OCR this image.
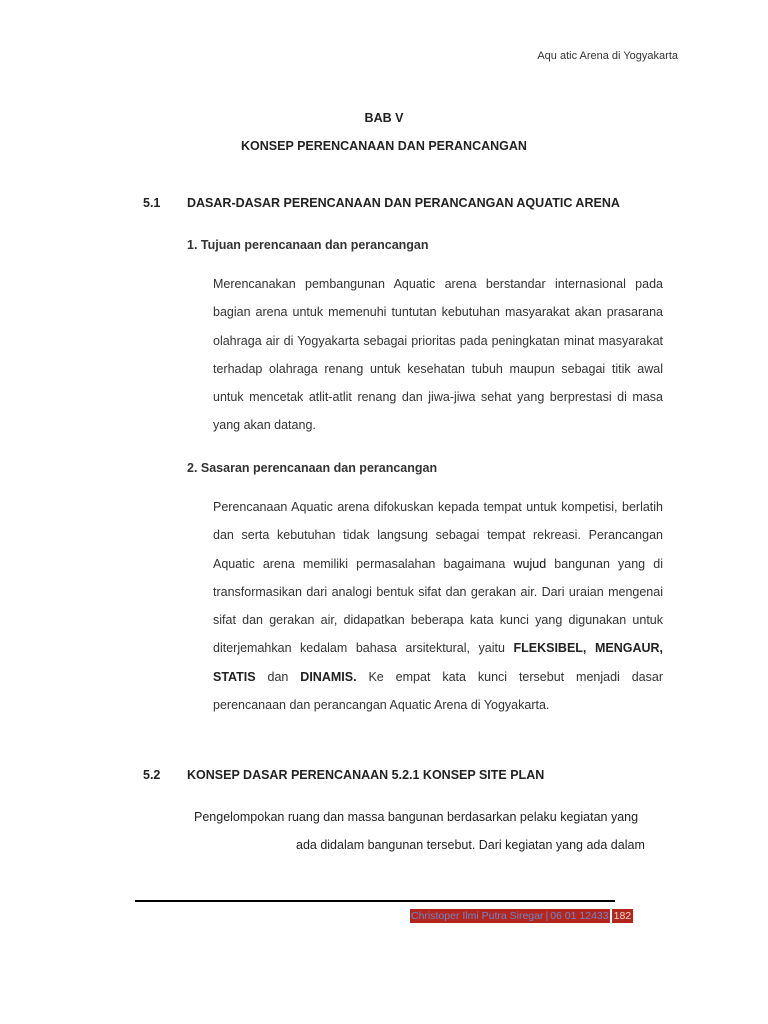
Aqu atic Arena di Yogyakarta
BAB V
KONSEP PERENCANAAN DAN PERANCANGAN
5.1 DASAR-DASAR PERENCANAAN DAN PERANCANGAN AQUATIC ARENA
1. Tujuan perencanaan dan perancangan
Merencanakan pembangunan Aquatic arena berstandar internasional pada bagian arena untuk memenuhi tuntutan kebutuhan masyarakat akan prasarana olahraga air di Yogyakarta sebagai prioritas pada peningkatan minat masyarakat terhadap olahraga renang untuk kesehatan tubuh maupun sebagai titik awal untuk mencetak atlit-atlit renang dan jiwa-jiwa sehat yang berprestasi di masa yang akan datang.
2. Sasaran perencanaan dan perancangan
Perencanaan Aquatic arena difokuskan kepada tempat untuk kompetisi, berlatih dan serta kebutuhan tidak langsung sebagai tempat rekreasi. Perancangan Aquatic arena memiliki permasalahan bagaimana wujud bangunan yang di transformasikan dari analogi bentuk sifat dan gerakan air. Dari uraian mengenai sifat dan gerakan air, didapatkan beberapa kata kunci yang digunakan untuk diterjemahkan kedalam bahasa arsitektural, yaitu FLEKSIBEL, MENGAUR, STATIS dan DINAMIS. Ke empat kata kunci tersebut menjadi dasar perencanaan dan perancangan Aquatic Arena di Yogyakarta.
5.2 KONSEP DASAR PERENCANAAN 5.2.1 KONSEP SITE PLAN
Pengelompokan ruang dan massa bangunan berdasarkan pelaku kegiatan yang
ada didalam bangunan tersebut. Dari kegiatan yang ada dalam
Christoper Ilmi Putra Siregar | 06 01 12433 182
